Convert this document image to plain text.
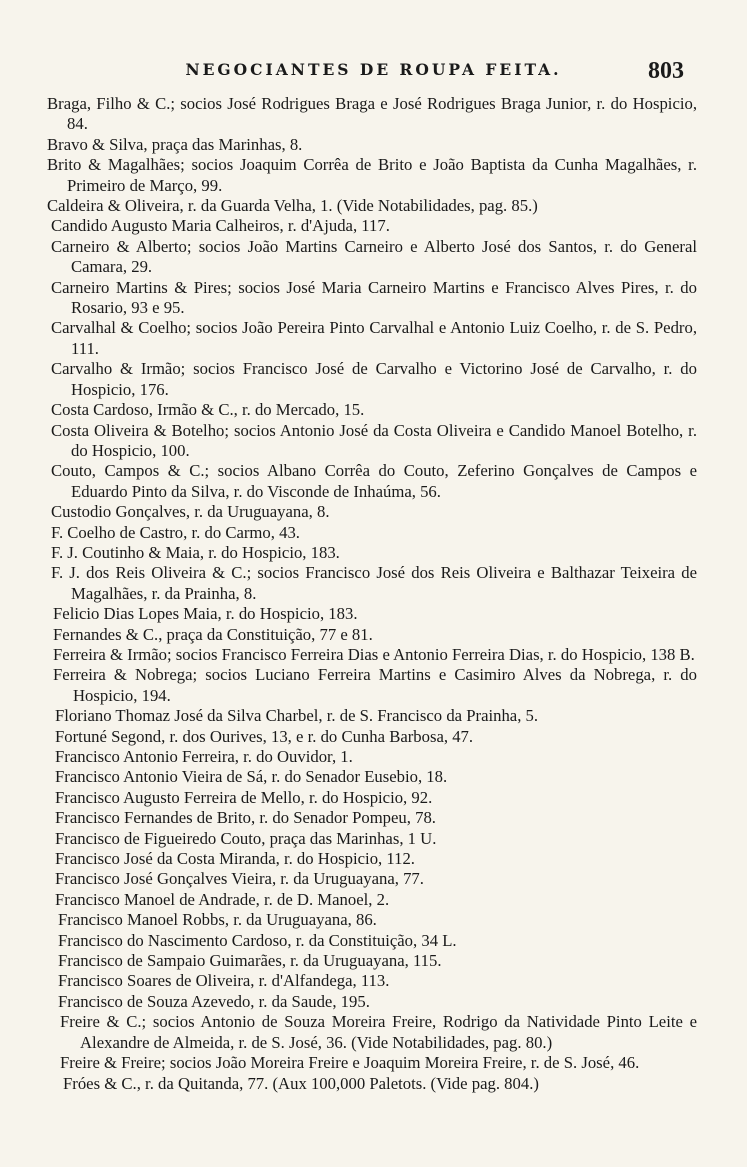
NEGOCIANTES DE ROUPA FEITA.	803
Braga, Filho & C.; socios José Rodrigues Braga e José Rodrigues Braga Junior, r. do Hospicio, 84.
Bravo & Silva, praça das Marinhas, 8.
Brito & Magalhães; socios Joaquim Corrêa de Brito e João Baptista da Cunha Magalhães, r. Primeiro de Março, 99.
Caldeira & Oliveira, r. da Guarda Velha, 1. (Vide Notabilidades, pag. 85.)
Candido Augusto Maria Calheiros, r. d'Ajuda, 117.
Carneiro & Alberto; socios João Martins Carneiro e Alberto José dos Santos, r. do General Camara, 29.
Carneiro Martins & Pires; socios José Maria Carneiro Martins e Francisco Alves Pires, r. do Rosario, 93 e 95.
Carvalhal & Coelho; socios João Pereira Pinto Carvalhal e Antonio Luiz Coelho, r. de S. Pedro, 111.
Carvalho & Irmão; socios Francisco José de Carvalho e Victorino José de Carvalho, r. do Hospicio, 176.
Costa Cardoso, Irmão & C., r. do Mercado, 15.
Costa Oliveira & Botelho; socios Antonio José da Costa Oliveira e Candido Manoel Botelho, r. do Hospicio, 100.
Couto, Campos & C.; socios Albano Corrêa do Couto, Zeferino Gonçalves de Campos e Eduardo Pinto da Silva, r. do Visconde de Inhaúma, 56.
Custodio Gonçalves, r. da Uruguayana, 8.
F. Coelho de Castro, r. do Carmo, 43.
F. J. Coutinho & Maia, r. do Hospicio, 183.
F. J. dos Reis Oliveira & C.; socios Francisco José dos Reis Oliveira e Balthazar Teixeira de Magalhães, r. da Prainha, 8.
Felicio Dias Lopes Maia, r. do Hospicio, 183.
Fernandes & C., praça da Constituição, 77 e 81.
Ferreira & Irmão; socios Francisco Ferreira Dias e Antonio Ferreira Dias, r. do Hospicio, 138 B.
Ferreira & Nobrega; socios Luciano Ferreira Martins e Casimiro Alves da Nobrega, r. do Hospicio, 194.
Floriano Thomaz José da Silva Charbel, r. de S. Francisco da Prainha, 5.
Fortuné Segond, r. dos Ourives, 13, e r. do Cunha Barbosa, 47.
Francisco Antonio Ferreira, r. do Ouvidor, 1.
Francisco Antonio Vieira de Sá, r. do Senador Eusebio, 18.
Francisco Augusto Ferreira de Mello, r. do Hospicio, 92.
Francisco Fernandes de Brito, r. do Senador Pompeu, 78.
Francisco de Figueiredo Couto, praça das Marinhas, 1 U.
Francisco José da Costa Miranda, r. do Hospicio, 112.
Francisco José Gonçalves Vieira, r. da Uruguayana, 77.
Francisco Manoel de Andrade, r. de D. Manoel, 2.
Francisco Manoel Robbs, r. da Uruguayana, 86.
Francisco do Nascimento Cardoso, r. da Constituição, 34 L.
Francisco de Sampaio Guimarães, r. da Uruguayana, 115.
Francisco Soares de Oliveira, r. d'Alfandega, 113.
Francisco de Souza Azevedo, r. da Saude, 195.
Freire & C.; socios Antonio de Souza Moreira Freire, Rodrigo da Natividade Pinto Leite e Alexandre de Almeida, r. de S. José, 36. (Vide Notabilidades, pag. 80.)
Freire & Freire; socios João Moreira Freire e Joaquim Moreira Freire, r. de S. José, 46.
Fróes & C., r. da Quitanda, 77. (Aux 100,000 Paletots. (Vide pag. 804.)
